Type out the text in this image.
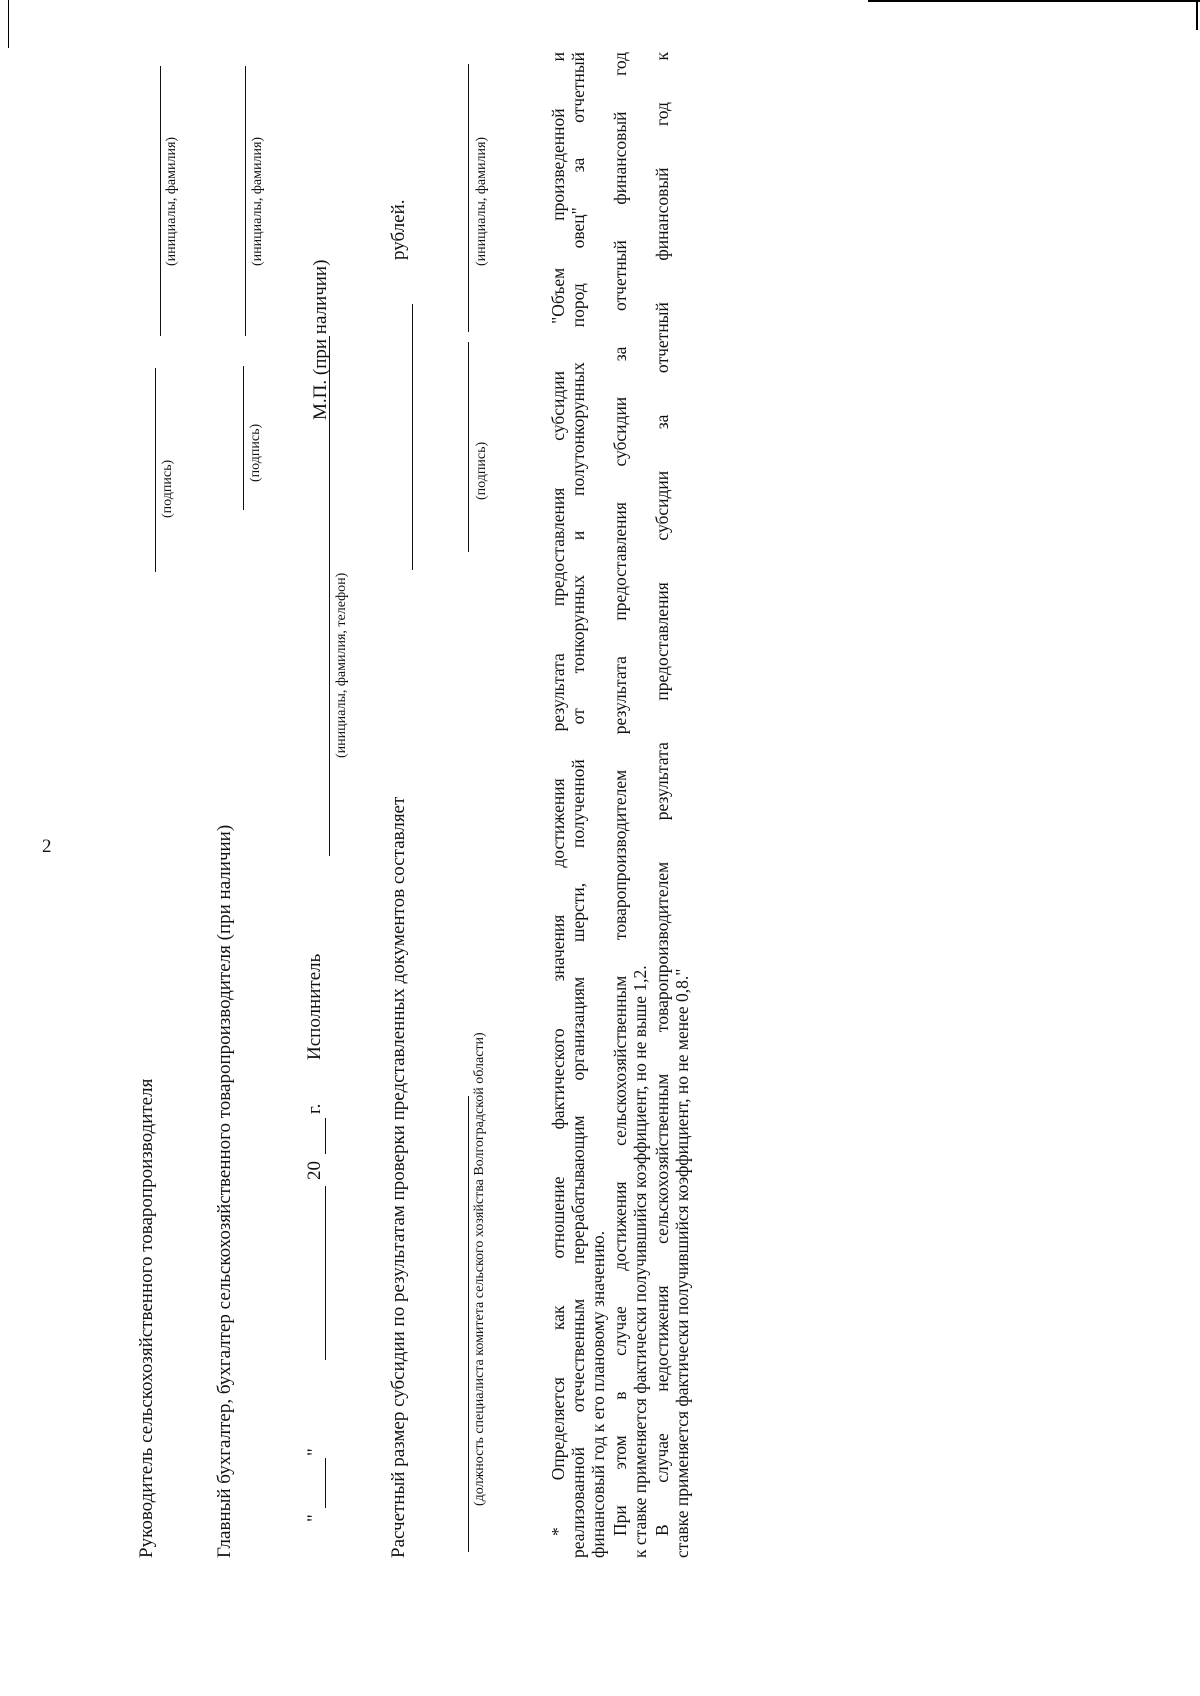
2
Руководитель сельскохозяйственного товаропроизводителя
(подпись)
(инициалы, фамилия)
Главный бухгалтер, бухгалтер сельскохозяйственного товаропроизводителя (при наличии)
(подпись)
(инициалы, фамилия)
"
"
20
г.
Исполнитель
(инициалы, фамилия, телефон)
М.П. (при наличии)
Расчетный размер субсидии по результатам проверки представленных документов составляет
рублей.
(должность специалиста комитета сельского хозяйства Волгоградской области)
(подпись)
(инициалы, фамилия)	* Определяется как отношение фактического значения достижения результата предоставления субсидии "Объем произведенной и реализованной отечественным перерабатывающим организациям шерсти, полученной от тонкорунных и полутонкорунных пород овец" за отчетный финансовый год к его плановому значению. При этом в случае достижения сельскохозяйственным товаропроизводителем результата предоставления субсидии за отчетный финансовый год к ставке применяется фактически получившийся коэффициент, но не выше 1,2. В случае недостижения сельскохозяйственным товаропроизводителем результата предоставления субсидии за отчетный финансовый год к ставке применяется фактически получившийся коэффициент, но не менее 0,8."
